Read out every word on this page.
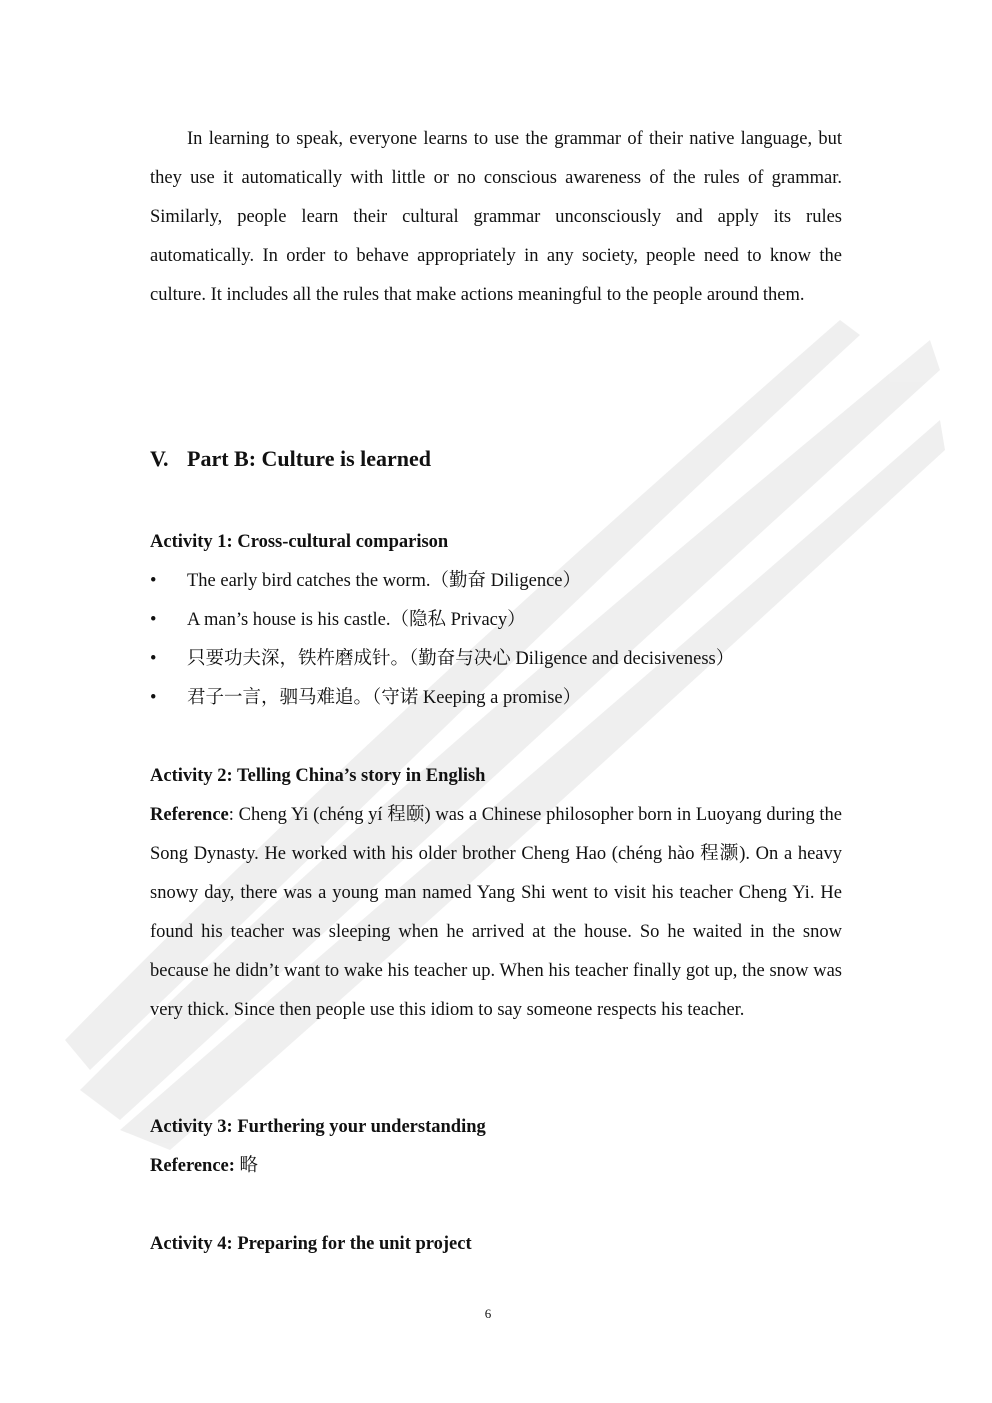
In learning to speak, everyone learns to use the grammar of their native language, but they use it automatically with little or no conscious awareness of the rules of grammar. Similarly, people learn their cultural grammar unconsciously and apply its rules automatically. In order to behave appropriately in any society, people need to know the culture. It includes all the rules that make actions meaningful to the people around them.

V. Part B: Culture is learned
Activity 1: Cross-cultural comparison
• The early bird catches the worm.（勤奋 Diligence）
• A man’s house is his castle.（隐私 Privacy）
• 只要功夫深，铁杵磨成针。（勤奋与决心 Diligence and decisiveness）
• 君子一言，驷马难追。（守诺 Keeping a promise）
Activity 2: Telling China’s story in English

Reference: Cheng Yi (chéng yí 程颐) was a Chinese philosopher born in Luoyang during the Song Dynasty. He worked with his older brother Cheng Hao (chéng hào 程灏). On a heavy snowy day, there was a young man named Yang Shi went to visit his teacher Cheng Yi. He found his teacher was sleeping when he arrived at the house. So he waited in the snow because he didn’t want to wake his teacher up. When his teacher finally got up, the snow was very thick. Since then people use this idiom to say someone respects his teacher.

Activity 3: Furthering your understanding

Reference: 略

Activity 4: Preparing for the unit project
6
